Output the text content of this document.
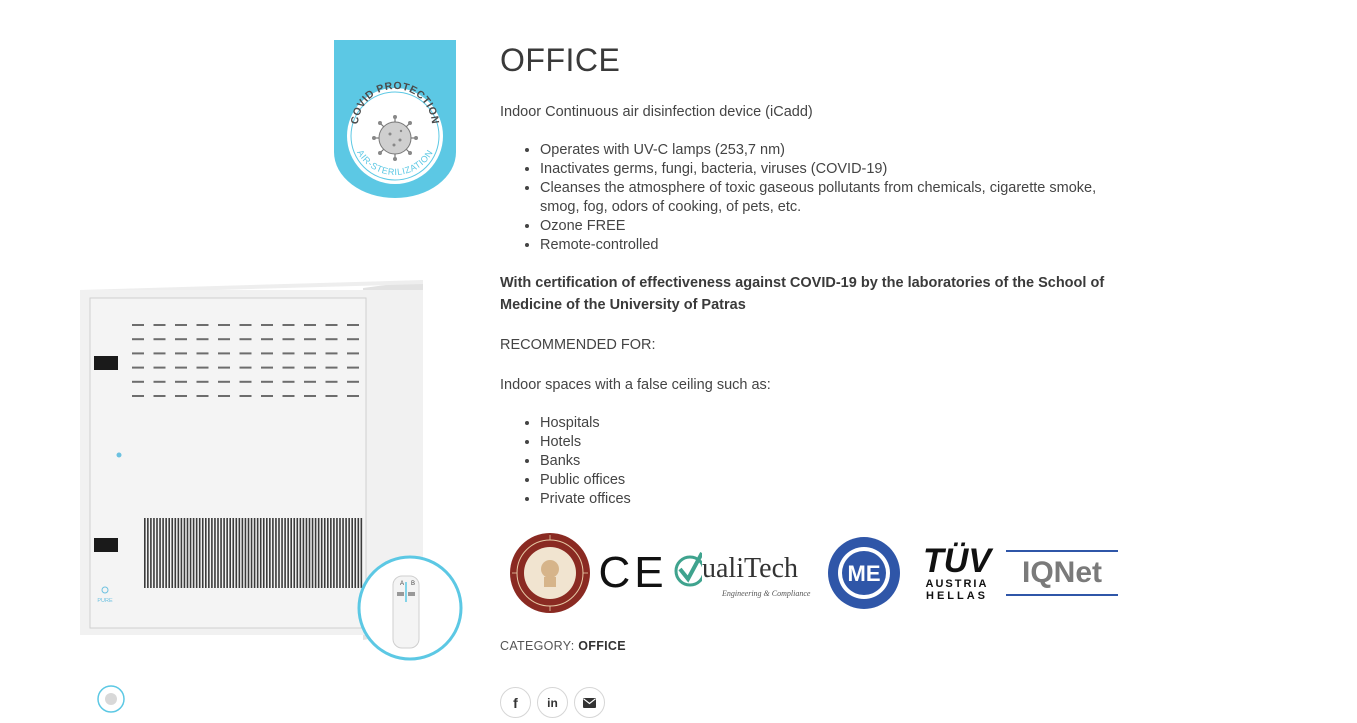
COVID PROTECTION
AIR-STERILIZATION
PURE
A B
OFFICE

Indoor Continuous air disinfection device (iCadd)

• Operates with UV-C lamps (253,7 nm)
• Inactivates germs, fungi, bacteria, viruses (COVID-19)
• Cleanses the atmosphere of toxic gaseous pollutants from chemicals, cigarette smoke, smog, fog, odors of cooking, of pets, etc.
• Ozone FREE
• Remote-controlled

With certification of effectiveness against COVID-19 by the laboratories of the School of Medicine of the University of Patras

RECOMMENDED FOR:

Indoor spaces with a false ceiling such as:

• Hospitals
• Hotels
• Banks
• Public offices
• Private offices
CE ualiTech
Engineering & Compliance
ME TÜV
AUSTRIA
HELLAS
IQ Net
CATEGORY: OFFICE
f in
